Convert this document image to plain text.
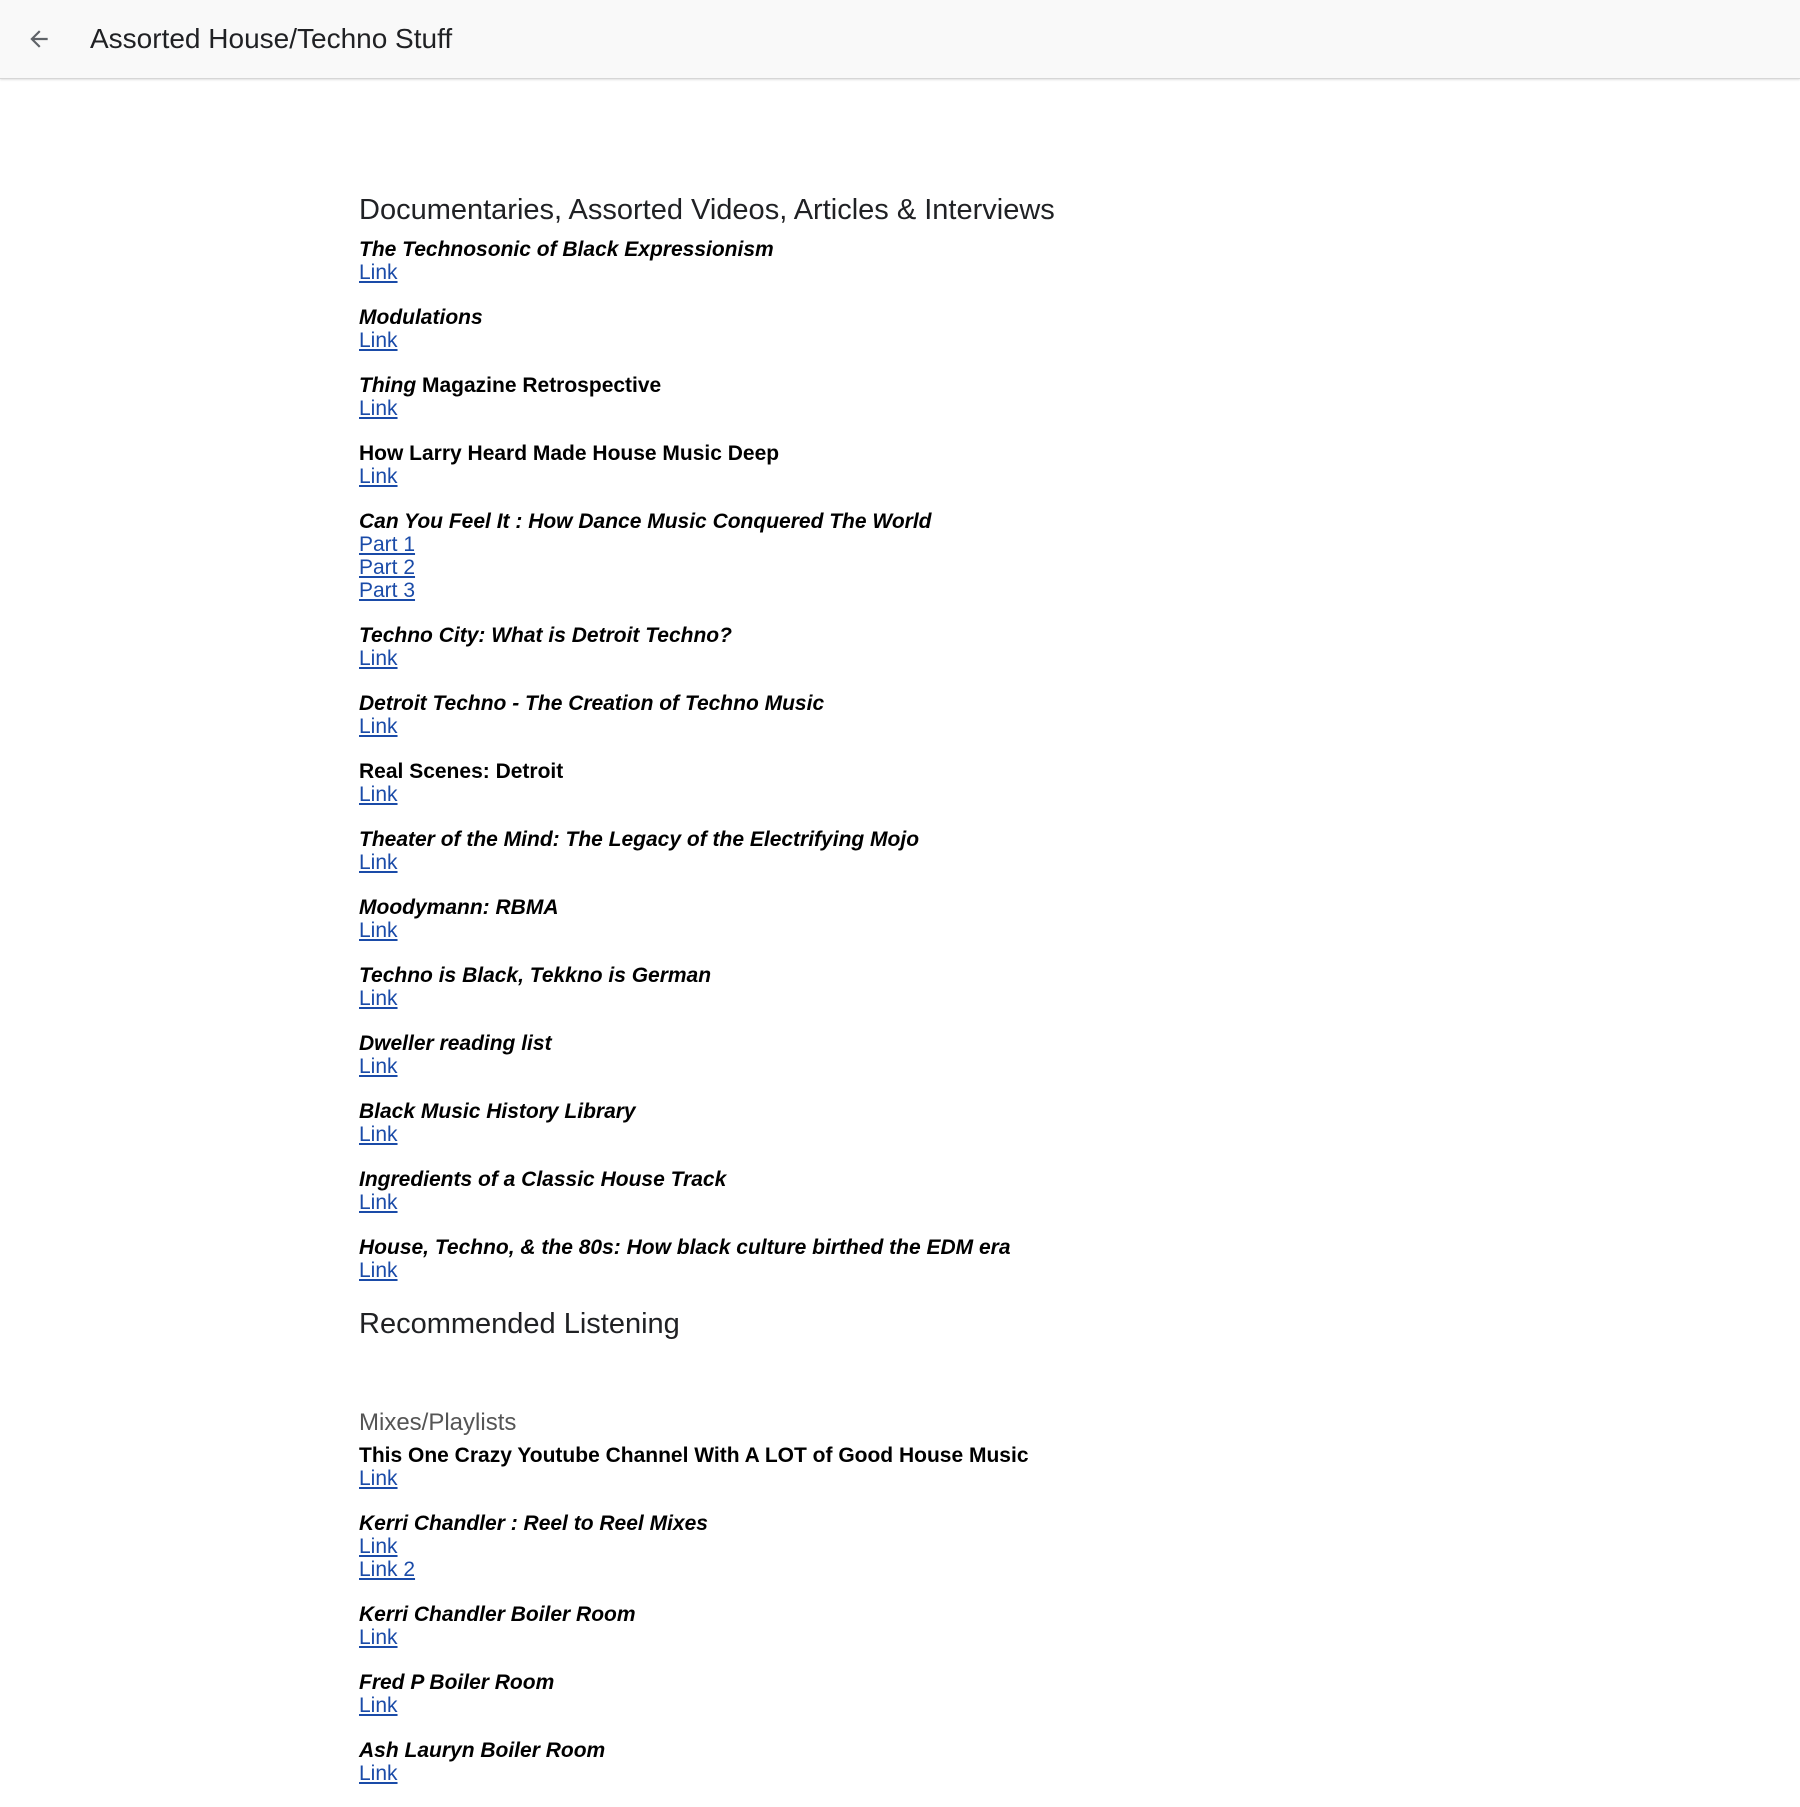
Assorted House/Techno Stuff
Documentaries, Assorted Videos, Articles & Interviews
The Technosonic of Black Expressionism
Link
Modulations
Link
Thing Magazine Retrospective
Link
How Larry Heard Made House Music Deep
Link
Can You Feel It : How Dance Music Conquered The World
Part 1
Part 2
Part 3
Techno City: What is Detroit Techno?
Link
Detroit Techno - The Creation of Techno Music
Link
Real Scenes: Detroit
Link
Theater of the Mind: The Legacy of the Electrifying Mojo
Link
Moodymann: RBMA
Link
Techno is Black, Tekkno is German
Link
Dweller reading list
Link
Black Music History Library
Link
Ingredients of a Classic House Track
Link
House, Techno, & the 80s: How black culture birthed the EDM era
Link
Recommended Listening
Mixes/Playlists
This One Crazy Youtube Channel With A LOT of Good House Music
Link
Kerri Chandler : Reel to Reel Mixes
Link
Link 2
Kerri Chandler Boiler Room
Link
Fred P Boiler Room
Link
Ash Lauryn Boiler Room
Link
